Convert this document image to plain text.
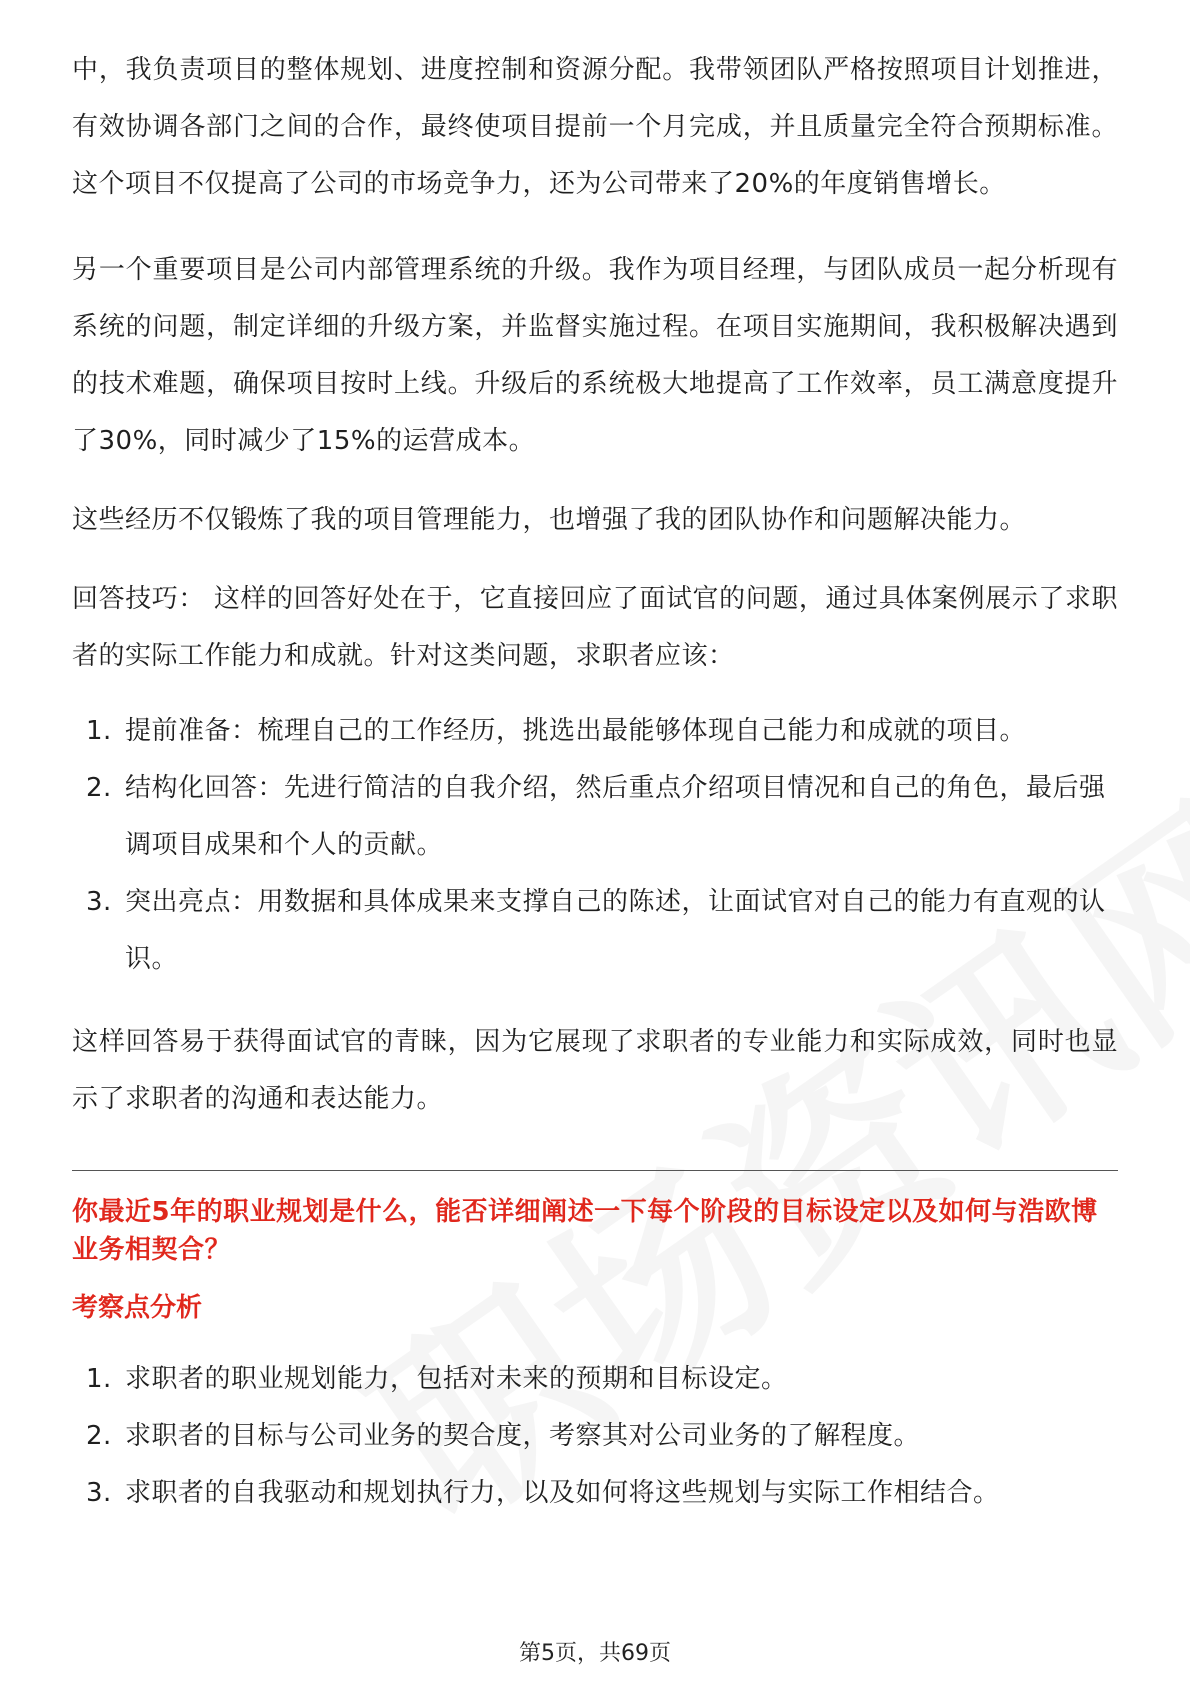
中，我负责项目的整体规划、进度控制和资源分配。我带领团队严格按照项目计划推进，有效协调各部门之间的合作，最终使项目提前一个月完成，并且质量完全符合预期标准。这个项目不仅提高了公司的市场竞争力，还为公司带来了20%的年度销售增长。

另一个重要项目是公司内部管理系统的升级。我作为项目经理，与团队成员一起分析现有系统的问题，制定详细的升级方案，并监督实施过程。在项目实施期间，我积极解决遇到的技术难题，确保项目按时上线。升级后的系统极大地提高了工作效率，员工满意度提升了30%，同时减少了15%的运营成本。

这些经历不仅锻炼了我的项目管理能力，也增强了我的团队协作和问题解决能力。

回答技巧： 这样的回答好处在于，它直接回应了面试官的问题，通过具体案例展示了求职者的实际工作能力和成就。针对这类问题，求职者应该：

1. 提前准备：梳理自己的工作经历，挑选出最能够体现自己能力和成就的项目。
2. 结构化回答：先进行简洁的自我介绍，然后重点介绍项目情况和自己的角色，最后强调项目成果和个人的贡献。
3. 突出亮点：用数据和具体成果来支撑自己的陈述，让面试官对自己的能力有直观的认识。

这样回答易于获得面试官的青睐，因为它展现了求职者的专业能力和实际成效，同时也显示了求职者的沟通和表达能力。

你最近5年的职业规划是什么，能否详细阐述一下每个阶段的目标设定以及如何与浩欧博业务相契合？

考察点分析

1. 求职者的职业规划能力，包括对未来的预期和目标设定。
2. 求职者的目标与公司业务的契合度，考察其对公司业务的了解程度。
3. 求职者的自我驱动和规划执行力，以及如何将这些规划与实际工作相结合。
第5页，共69页
